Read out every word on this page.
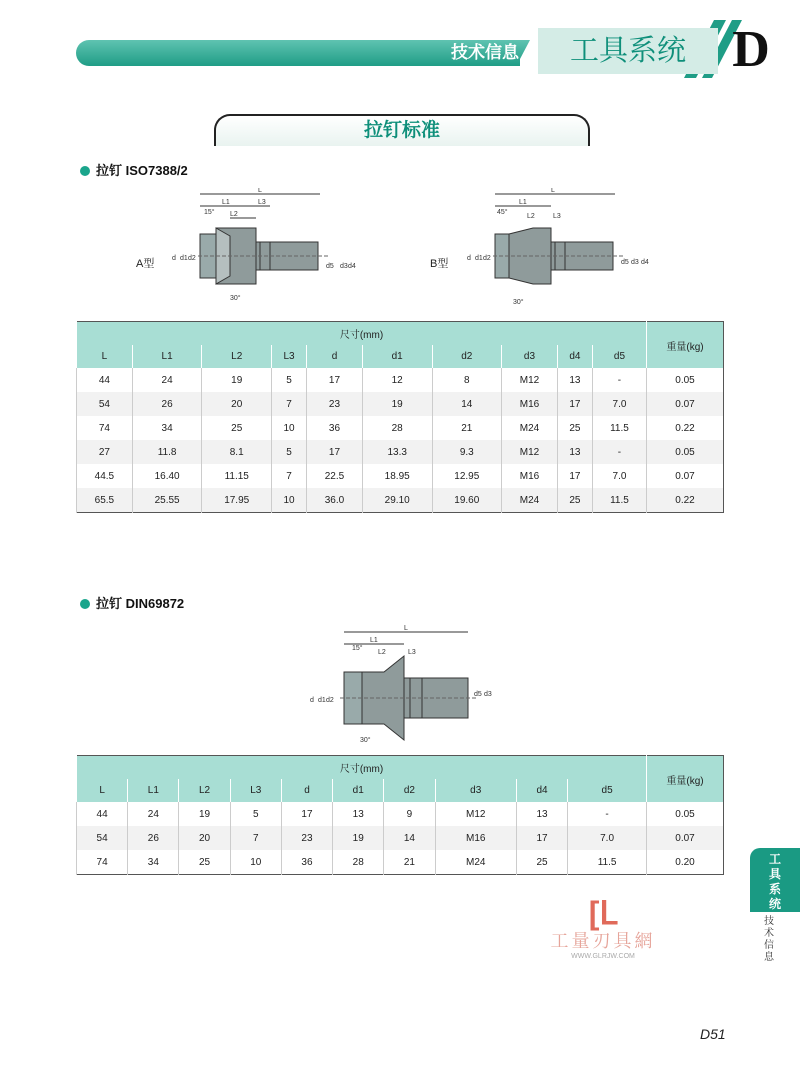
技术信息	工具系统 D
拉钉标准
拉钉 ISO7388/2
A型
L
L1
L2
L3
15°
30°
d d1 d2
d5 d3 d4	B型
L
L1
L2	L3
45°
30°
d d1 d2
d5 d3 d4
尺寸(mm)										重量(kg)
L	L1	L2	L3	d	d1	d2	d3	d4	d5	
44	24	19	5	17	12	8	M12	13	-	0.05
54	26	20	7	23	19	14	M16	17	7.0	0.07
74	34	25	10	36	28	21	M24	25	11.5	0.22
27	11.8	8.1	5	17	13.3	9.3	M12	13	-	0.05
44.5	16.40	11.15	7	22.5	18.95	12.95	M16	17	7.0	0.07
65.5	25.55	17.95	10	36.0	29.10	19.60	M24	25	11.5	0.22
拉钉 DIN69872
L
L1
L2	L3
15°
30°
d d1 d2
d5 d3
尺寸(mm)										重量(kg)
L	L1	L2	L3	d	d1	d2	d3	d4	d5	
44	24	19	5	17	13	9	M12	13	-	0.05
54	26	20	7	23	19	14	M16	17	7.0	0.07
74	34	25	10	36	28	21	M24	25	11.5	0.20	工
具
系
统
技
术
信
息
[ᒪ
工量刃具網
WWW.GLRJW.COM
D51
